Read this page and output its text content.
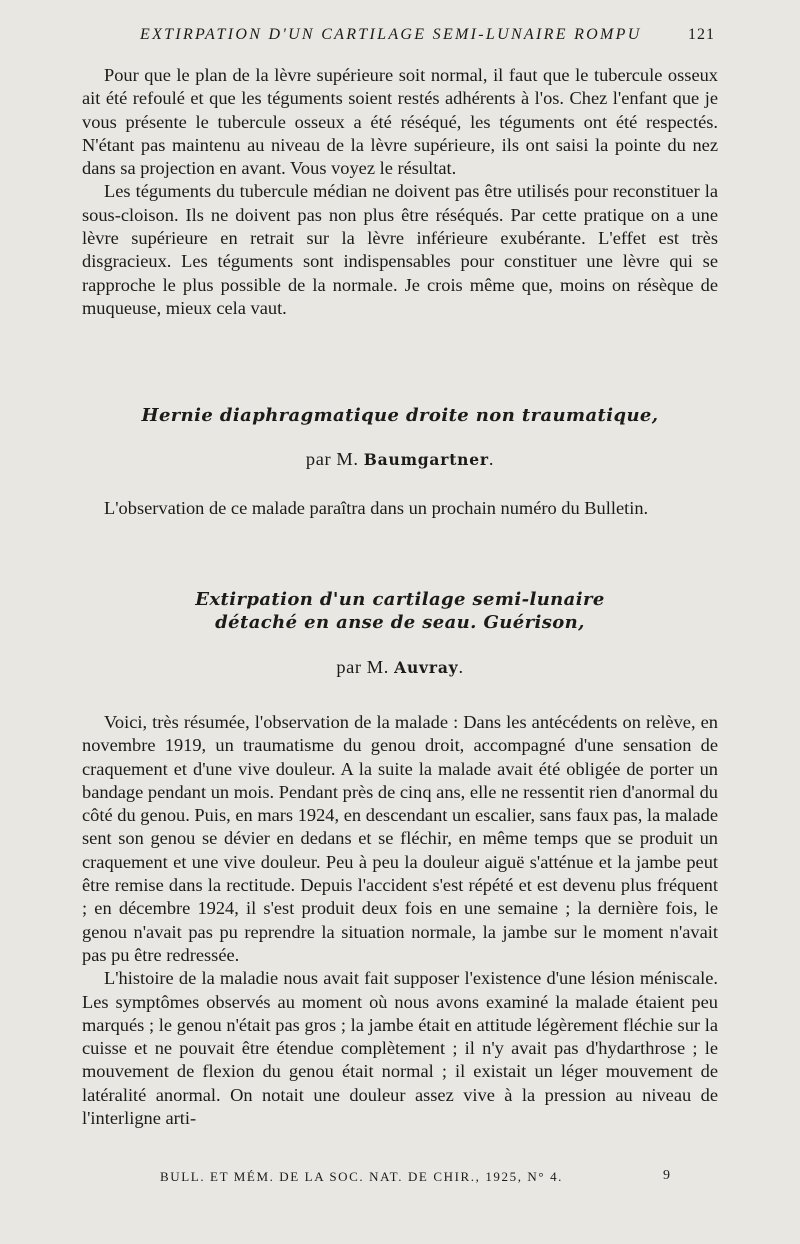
EXTIRPATION D'UN CARTILAGE SEMI-LUNAIRE ROMPU	121

Pour que le plan de la lèvre supérieure soit normal, il faut que le tubercule osseux ait été refoulé et que les téguments soient restés adhérents à l'os. Chez l'enfant que je vous présente le tubercule osseux a été réséqué, les téguments ont été respectés. N'étant pas maintenu au niveau de la lèvre supérieure, ils ont saisi la pointe du nez dans sa projection en avant. Vous voyez le résultat.

Les téguments du tubercule médian ne doivent pas être utilisés pour reconstituer la sous-cloison. Ils ne doivent pas non plus être réséqués. Par cette pratique on a une lèvre supérieure en retrait sur la lèvre inférieure exubérante. L'effet est très disgracieux. Les téguments sont indispensables pour constituer une lèvre qui se rapproche le plus possible de la normale. Je crois même que, moins on résèque de muqueuse, mieux cela vaut.

Hernie diaphragmatique droite non traumatique,
par M. Baumgartner.

L'observation de ce malade paraîtra dans un prochain numéro du Bulletin.

Extirpation d'un cartilage semi-lunaire
détaché en anse de seau. Guérison,
par M. Auvray.

Voici, très résumée, l'observation de la malade : Dans les antécédents on relève, en novembre 1919, un traumatisme du genou droit, accompagné d'une sensation de craquement et d'une vive douleur. A la suite la malade avait été obligée de porter un bandage pendant un mois. Pendant près de cinq ans, elle ne ressentit rien d'anormal du côté du genou. Puis, en mars 1924, en descendant un escalier, sans faux pas, la malade sent son genou se dévier en dedans et se fléchir, en même temps que se produit un craquement et une vive douleur. Peu à peu la douleur aiguë s'atténue et la jambe peut être remise dans la rectitude. Depuis l'accident s'est répété et est devenu plus fréquent ; en décembre 1924, il s'est produit deux fois en une semaine ; la dernière fois, le genou n'avait pas pu reprendre la situation normale, la jambe sur le moment n'avait pas pu être redressée.

L'histoire de la maladie nous avait fait supposer l'existence d'une lésion méniscale. Les symptômes observés au moment où nous avons examiné la malade étaient peu marqués ; le genou n'était pas gros ; la jambe était en attitude légèrement fléchie sur la cuisse et ne pouvait être étendue complètement ; il n'y avait pas d'hydarthrose ; le mouvement de flexion du genou était normal ; il existait un léger mouvement de latéralité anormal. On notait une douleur assez vive à la pression au niveau de l'interligne arti-

BULL. ET MÉM. DE LA SOC. NAT. DE CHIR., 1925, N° 4.	9
